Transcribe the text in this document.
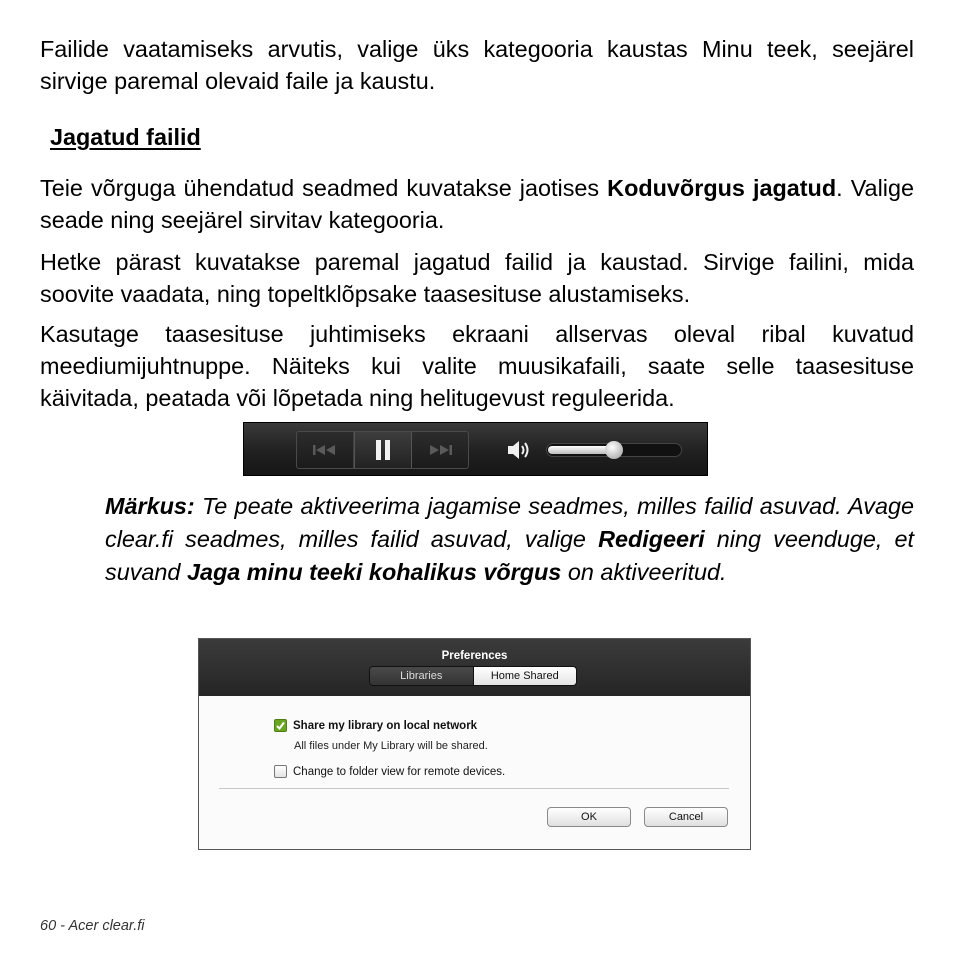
Failide vaatamiseks arvutis, valige üks kategooria kaustas Minu teek, seejärel sirvige paremal olevaid faile ja kaustu.

Jagatud failid

Teie võrguga ühendatud seadmed kuvatakse jaotises Koduvõrgus jagatud. Valige seade ning seejärel sirvitav kategooria.

Hetke pärast kuvatakse paremal jagatud failid ja kaustad. Sirvige failini, mida soovite vaadata, ning topeltklõpsake taasesituse alustamiseks.

Kasutage taasesituse juhtimiseks ekraani allservas oleval ribal kuvatud meediumijuhtnuppe. Näiteks kui valite muusikafaili, saate selle taasesituse käivitada, peatada või lõpetada ning helitugevust reguleerida.

Märkus: Te peate aktiveerima jagamise seadmes, milles failid asuvad. Avage clear.fi seadmes, milles failid asuvad, valige Redigeeri ning veenduge, et suvand Jaga minu teeki kohalikus võrgus on aktiveeritud.

Preferences
Libraries	Home Shared
Share my library on local network
All files under My Library will be shared.
Change to folder view for remote devices.
OK	Cancel
60 - Acer clear.fi
